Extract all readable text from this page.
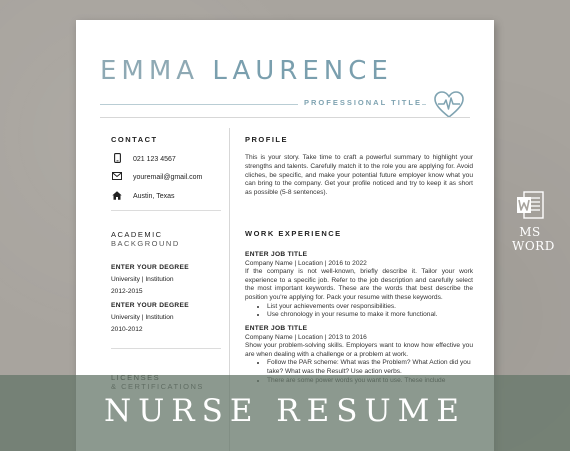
EMMA LAURENCE
PROFESSIONAL TITLE
CONTACT
021 123 4567
youremail@gmail.com
Austin, Texas
ACADEMIC
BACKGROUND
ENTER YOUR DEGREE
University | Institution
2012-2015
ENTER YOUR DEGREE
University | Institution
2010-2012
PROFILE
This is your story. Take time to craft a powerful summary to highlight your strengths and talents. Carefully match it to the role you are applying for. Avoid cliches, be specific, and make your potential future employer know what you can bring to the company. Get your profile noticed and try to keep it as short as possible (5-8 sentences).
WORK EXPERIENCE
ENTER JOB TITLE
Company Name | Location | 2016 to 2022
If the company is not well-known, briefly describe it. Tailor your work experience to a specific job. Refer to the job description and carefully select the most important keywords. These are the words that best describe the position you're applying for. Pack your resume with these keywords.
• List your achievements over responsibilities.
• Use chronology in your resume to make it more functional.
ENTER JOB TITLE
Company Name | Location | 2013 to 2016
Show your problem-solving skills. Employers want to know how effective you are when dealing with a challenge or a problem at work.
• Follow the PAR scheme: What was the Problem? What Action did you take? What was the Result? Use action verbs.
•
MS
WORD
NURSE RESUME
